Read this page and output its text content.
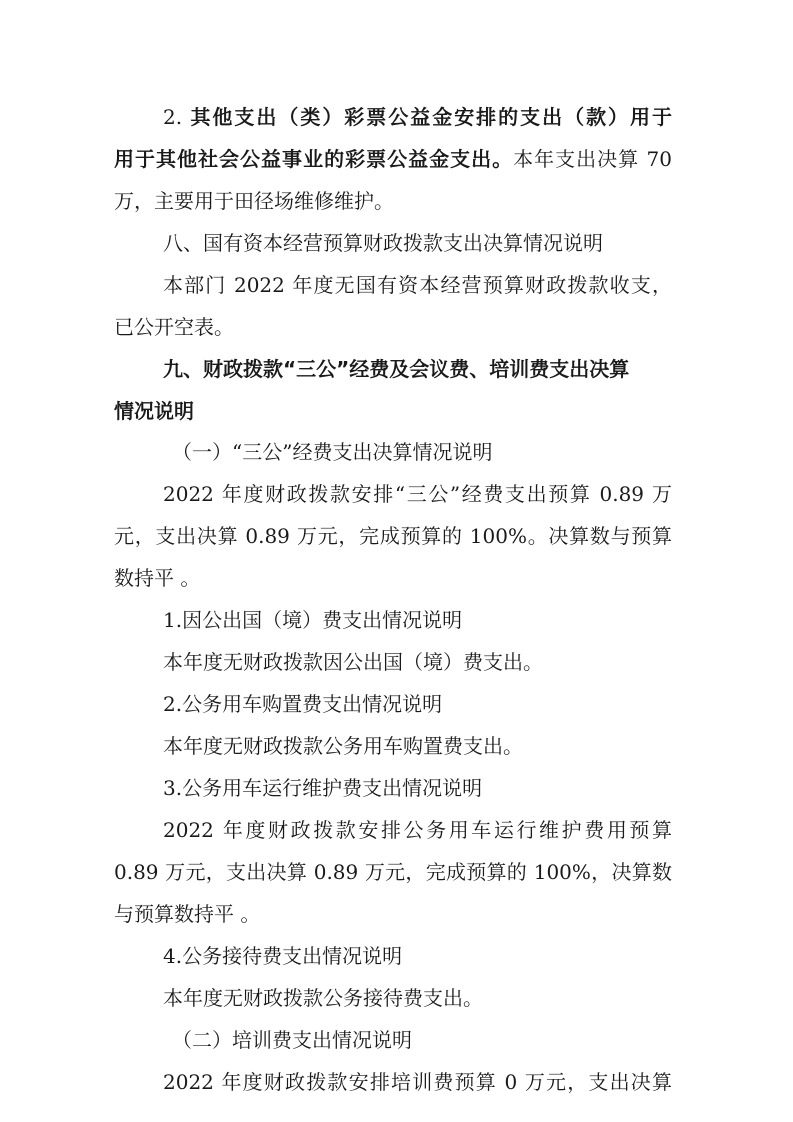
2. 其他支出（类）彩票公益金安排的支出（款）用于
用于其他社会公益事业的彩票公益金支出。本年支出决算 70
万，主要用于田径场维修维护。
八、国有资本经营预算财政拨款支出决算情况说明
本部门 2022 年度无国有资本经营预算财政拨款收支，
已公开空表。
九、财政拨款“三公”经费及会议费、培训费支出决算
情况说明
（一）“三公”经费支出决算情况说明
2022 年度财政拨款安排“三公”经费支出预算 0.89 万
元，支出决算 0.89 万元，完成预算的 100%。决算数与预算
数持平 。
1.因公出国（境）费支出情况说明
本年度无财政拨款因公出国（境）费支出。
2.公务用车购置费支出情况说明
本年度无财政拨款公务用车购置费支出。
3.公务用车运行维护费支出情况说明
2022 年度财政拨款安排公务用车运行维护费用预算
0.89 万元，支出决算 0.89 万元，完成预算的 100%，决算数
与预算数持平 。
4.公务接待费支出情况说明
本年度无财政拨款公务接待费支出。
（二）培训费支出情况说明
2022 年度财政拨款安排培训费预算 0 万元，支出决算
